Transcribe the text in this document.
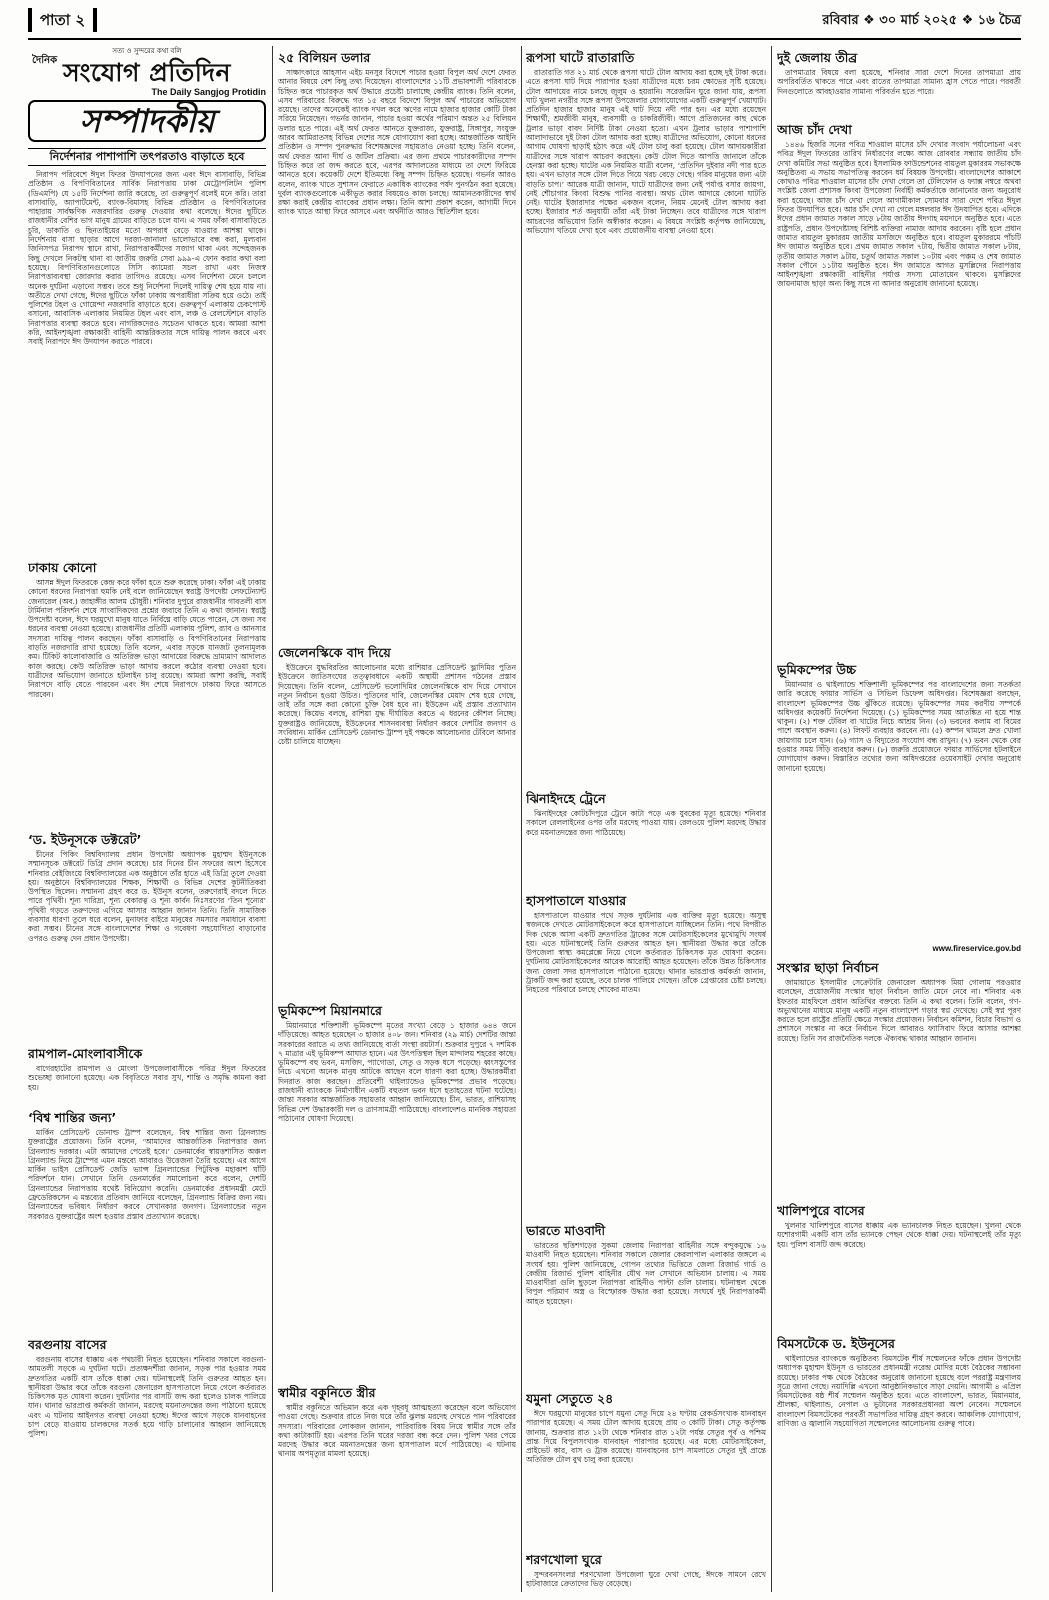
পাতা ২	রবিবার ❖ ৩০ মার্চ ২০২৫ ❖ ১৬ চৈত্র
সত্য ও সুন্দরের কথা বলি
দৈনিক সংযোগ প্রতিদিন
The Daily Sangjog Protidin
সম্পাদকীয়
নির্দেশনার পাশাপাশি তৎপরতাও বাড়াতে হবে
নিরাপদ পরিবেশে ঈদুল ফিতর উদযাপনের জন্য এবং ঈদে বাসাবাড়ি, বিভিন্ন প্রতিষ্ঠান ও বিপণিবিতানের সার্বিক নিরাপত্তায় ঢাকা মেট্রোপলিটন পুলিশ (ডিএমপি) যে ১৫টি নির্দেশনা জারি করেছে, তা গুরুত্বপূর্ণ বলেই মনে করি। তারা বাসাবাড়ি, অ্যাপার্টমেন্ট, ব্যাংক-বিমাসহ বিভিন্ন প্রতিষ্ঠান ও বিপণিবিতানের পাহারায় সার্বক্ষণিক নজরদারির গুরুত্ব দেওয়ার কথা বলেছে। ঈদের ছুটিতে রাজধানীর বেশির ভাগ মানুষ গ্রামের বাড়িতে চলে যান। এ সময় ফাঁকা বাসাবাড়িতে চুরি, ডাকাতি ও ছিনতাইয়ের মতো অপরাধ বেড়ে যাওয়ার আশঙ্কা থাকে। নির্দেশনায় বাসা ছাড়ার আগে দরজা-জানালা ভালোভাবে বন্ধ করা, মূল্যবান জিনিসপত্র নিরাপদ স্থানে রাখা, নিরাপত্তাকর্মীদের সজাগ থাকা এবং সন্দেহজনক কিছু দেখলে নিকটস্থ থানা বা জাতীয় জরুরি সেবা ৯৯৯-এ ফোন করার কথা বলা হয়েছে। বিপণিবিতানগুলোতে সিসি ক্যামেরা সচল রাখা এবং নিজস্ব নিরাপত্তাব্যবস্থা জোরদার করার তাগিদও রয়েছে। এসব নির্দেশনা মেনে চললে অনেক দুর্ঘটনা এড়ানো সম্ভব। তবে শুধু নির্দেশনা দিলেই দায়িত্ব শেষ হয়ে যায় না। অতীতে দেখা গেছে, ঈদের ছুটিতে ফাঁকা ঢাকায় অপরাধীরা সক্রিয় হয়ে ওঠে। তাই পুলিশের টহল ও গোয়েন্দা নজরদারি বাড়াতে হবে। গুরুত্বপূর্ণ এলাকায় চেকপোস্ট বসানো, আবাসিক এলাকায় নিয়মিত টহল এবং বাস, লঞ্চ ও রেলস্টেশনে বাড়তি নিরাপত্তার ব্যবস্থা করতে হবে। নাগরিকদেরও সচেতন থাকতে হবে। আমরা আশা করি, আইনশৃঙ্খলা রক্ষাকারী বাহিনী আন্তরিকতার সঙ্গে দায়িত্ব পালন করবে এবং সবাই নিরাপদে ঈদ উদযাপন করতে পারবে।
ঢাকায় কোনো
আসন্ন ঈদুল ফিতরকে কেন্দ্র করে ফাঁকা হতে শুরু করেছে ঢাকা। ফাঁকা এই ঢাকায় কোনো ধরনের নিরাপত্তা হুমকি নেই বলে জানিয়েছেন স্বরাষ্ট্র উপদেষ্টা লেফটেন্যান্ট জেনারেল (অব.) জাহাঙ্গীর আলম চৌধুরী। শনিবার দুপুরে রাজধানীর গাবতলী বাস টার্মিনাল পরিদর্শন শেষে সাংবাদিকদের প্রশ্নের জবাবে তিনি এ কথা জানান। স্বরাষ্ট্র উপদেষ্টা বলেন, ঈদে ঘরমুখো মানুষ যাতে নির্বিঘ্নে বাড়ি যেতে পারেন, সে জন্য সব ধরনের ব্যবস্থা নেওয়া হয়েছে। রাজধানীর প্রতিটি এলাকায় পুলিশ, র‍্যাব ও আনসার সদস্যরা দায়িত্ব পালন করছেন। ফাঁকা বাসাবাড়ি ও বিপণিবিতানের নিরাপত্তায় বাড়তি নজরদারি রাখা হয়েছে। তিনি বলেন, এবার সড়কে যানজট তুলনামূলক কম। টিকিট কালোবাজারি ও অতিরিক্ত ভাড়া আদায়ের বিরুদ্ধে ভ্রাম্যমাণ আদালত কাজ করছে। কেউ অতিরিক্ত ভাড়া আদায় করলে কঠোর ব্যবস্থা নেওয়া হবে। যাত্রীদের অভিযোগ জানাতে হটলাইন চালু রয়েছে। আমরা আশা করছি, সবাই নিরাপদে বাড়ি যেতে পারবেন এবং ঈদ শেষে নিরাপদে ঢাকায় ফিরে আসতে পারবেন।
‘ড. ইউনূসকে ডক্টরেট’
চীনের পিকিং বিশ্ববিদ্যালয় প্রধান উপদেষ্টা অধ্যাপক মুহাম্মদ ইউনূসকে সম্মানসূচক ডক্টরেট ডিগ্রি প্রদান করেছে। চার দিনের চীন সফরের অংশ হিসেবে শনিবার বেইজিংয়ে বিশ্ববিদ্যালয়ের এক অনুষ্ঠানে তাঁর হাতে এই ডিগ্রি তুলে দেওয়া হয়। অনুষ্ঠানে বিশ্ববিদ্যালয়ের শিক্ষক, শিক্ষার্থী ও বিভিন্ন দেশের কূটনীতিকরা উপস্থিত ছিলেন। সম্মাননা গ্রহণ করে ড. ইউনূস বলেন, তরুণেরাই বদলে দিতে পারে পৃথিবী। শূন্য দারিদ্র্য, শূন্য বেকারত্ব ও শূন্য কার্বন নিঃসরণের ‘তিন শূন্যের’ পৃথিবী গড়তে তরুণদের এগিয়ে আসার আহ্বান জানান তিনি। তিনি সামাজিক ব্যবসার ধারণা তুলে ধরে বলেন, মুনাফার বাইরে মানুষের সমস্যার সমাধানে ব্যবসা করা সম্ভব। চীনের সঙ্গে বাংলাদেশের শিক্ষা ও গবেষণা সহযোগিতা বাড়ানোর ওপরও গুরুত্ব দেন প্রধান উপদেষ্টা।
রামপাল-মোংলাবাসীকে
বাগেরহাটের রামপাল ও মোংলা উপজেলাবাসীকে পবিত্র ঈদুল ফিতরের শুভেচ্ছা জানানো হয়েছে। এক বিবৃতিতে সবার সুখ, শান্তি ও সমৃদ্ধি কামনা করা হয়।
‘বিশ্ব শান্তির জন্য’
মার্কিন প্রেসিডেন্ট ডোনাল্ড ট্রাম্প বলেছেন, বিশ্ব শান্তির জন্য গ্রিনল্যান্ড যুক্তরাষ্ট্রের প্রয়োজন। তিনি বলেন, ‘আমাদের আন্তর্জাতিক নিরাপত্তার জন্য গ্রিনল্যান্ড দরকার। এটা আমাদের পেতেই হবে।’ ডেনমার্কের স্বায়ত্তশাসিত অঞ্চল গ্রিনল্যান্ড নিয়ে ট্রাম্পের এমন মন্তব্যে আবারও উত্তেজনা তৈরি হয়েছে। এর আগে মার্কিন ভাইস প্রেসিডেন্ট জেডি ভ্যান্স গ্রিনল্যান্ডের পিটুফিক মহাকাশ ঘাঁটি পরিদর্শনে যান। সেখানে তিনি ডেনমার্কের সমালোচনা করে বলেন, দেশটি গ্রিনল্যান্ডের নিরাপত্তায় যথেষ্ট বিনিয়োগ করেনি। ডেনমার্কের প্রধানমন্ত্রী মেটে ফ্রেডেরিকসেন এ মন্তব্যের প্রতিবাদ জানিয়ে বলেছেন, গ্রিনল্যান্ড বিক্রির জন্য নয়। গ্রিনল্যান্ডের ভবিষ্যৎ নির্ধারণ করবে সেখানকার জনগণ। গ্রিনল্যান্ডের নতুন সরকারও যুক্তরাষ্ট্রের অংশ হওয়ার প্রস্তাব প্রত্যাখ্যান করেছে।
বরগুনায় বাসের
বরগুনায় বাসের ধাক্কায় এক পথচারী নিহত হয়েছেন। শনিবার সকালে বরগুনা-আমতলী সড়কে এ দুর্ঘটনা ঘটে। প্রত্যক্ষদর্শীরা জানান, সড়ক পার হওয়ার সময় দ্রুতগতির একটি বাস তাঁকে ধাক্কা দেয়। ঘটনাস্থলেই তিনি গুরুতর আহত হন। স্থানীয়রা উদ্ধার করে তাঁকে বরগুনা জেনারেল হাসপাতালে নিয়ে গেলে কর্তব্যরত চিকিৎসক মৃত ঘোষণা করেন। দুর্ঘটনার পর বাসটি জব্দ করা হলেও চালক পালিয়ে যান। থানার ভারপ্রাপ্ত কর্মকর্তা জানান, মরদেহ ময়নাতদন্তের জন্য পাঠানো হয়েছে এবং এ ঘটনায় আইনগত ব্যবস্থা নেওয়া হচ্ছে। ঈদের আগে সড়কে যানবাহনের চাপ বেড়ে যাওয়ায় চালকদের সতর্ক হয়ে গাড়ি চালানোর আহ্বান জানিয়েছে পুলিশ।
২৫ বিলিয়ন ডলার
সাক্ষাৎকারে আহসান এইচ মনসুর বিদেশে পাচার হওয়া বিপুল অর্থ দেশে ফেরত আনার বিষয়ে বেশ কিছু তথ্য দিয়েছেন। বাংলাদেশের ১১টি প্রভাবশালী পরিবারকে চিহ্নিত করে পাচারকৃত অর্থ উদ্ধারে প্রচেষ্টা চালাচ্ছে কেন্দ্রীয় ব্যাংক। তিনি বলেন, এসব পরিবারের বিরুদ্ধে গত ১৫ বছরে বিদেশে বিপুল অর্থ পাচারের অভিযোগ রয়েছে। তাদের অনেকেই ব্যাংক দখল করে ঋণের নামে হাজার হাজার কোটি টাকা সরিয়ে নিয়েছেন। গভর্নর জানান, পাচার হওয়া অর্থের পরিমাণ অন্তত ২৫ বিলিয়ন ডলার হতে পারে। এই অর্থ ফেরত আনতে যুক্তরাজ্য, যুক্তরাষ্ট্র, সিঙ্গাপুর, সংযুক্ত আরব আমিরাতসহ বিভিন্ন দেশের সঙ্গে যোগাযোগ করা হচ্ছে। আন্তর্জাতিক আইনি প্রতিষ্ঠান ও সম্পদ পুনরুদ্ধার বিশেষজ্ঞদের সহায়তাও নেওয়া হচ্ছে। তিনি বলেন, অর্থ ফেরত আনা দীর্ঘ ও জটিল প্রক্রিয়া। এর জন্য প্রথমে পাচারকারীদের সম্পদ চিহ্নিত করে তা জব্দ করতে হবে, এরপর আদালতের মাধ্যমে তা দেশে ফিরিয়ে আনতে হবে। কয়েকটি দেশে ইতিমধ্যে কিছু সম্পদ চিহ্নিত হয়েছে। গভর্নর আরও বলেন, ব্যাংক খাতে সুশাসন ফেরাতে একাধিক ব্যাংকের পর্ষদ পুনর্গঠন করা হয়েছে। দুর্বল ব্যাংকগুলোকে একীভূত করার বিষয়েও কাজ চলছে। আমানতকারীদের স্বার্থ রক্ষা করাই কেন্দ্রীয় ব্যাংকের প্রধান লক্ষ্য। তিনি আশা প্রকাশ করেন, আগামী দিনে ব্যাংক খাতে আস্থা ফিরে আসবে এবং অর্থনীতি আরও স্থিতিশীল হবে।
জেলেনস্কিকে বাদ দিয়ে
ইউক্রেনে যুদ্ধবিরতির আলোচনার মধ্যে রাশিয়ার প্রেসিডেন্ট ভ্লাদিমির পুতিন ইউক্রেনে জাতিসংঘের তত্ত্বাবধানে একটি অস্থায়ী প্রশাসন গঠনের প্রস্তাব দিয়েছেন। তিনি বলেন, প্রেসিডেন্ট ভলোদিমির জেলেনস্কিকে বাদ দিয়ে সেখানে নতুন নির্বাচন হওয়া উচিত। পুতিনের দাবি, জেলেনস্কির মেয়াদ শেষ হয়ে গেছে, তাই তাঁর সঙ্গে করা কোনো চুক্তি বৈধ হবে না। ইউক্রেন এই প্রস্তাব প্রত্যাখ্যান করেছে। কিয়েভ বলছে, রাশিয়া যুদ্ধ দীর্ঘায়িত করতে এ ধরনের কৌশল নিচ্ছে। যুক্তরাষ্ট্রও জানিয়েছে, ইউক্রেনের শাসনব্যবস্থা নির্ধারণ করবে দেশটির জনগণ ও সংবিধান। মার্কিন প্রেসিডেন্ট ডোনাল্ড ট্রাম্প দুই পক্ষকে আলোচনার টেবিলে আনার চেষ্টা চালিয়ে যাচ্ছেন।
ভূমিকম্পে মিয়ানমারে
মিয়ানমারে শক্তিশালী ভূমিকম্পে মৃতের সংখ্যা বেড়ে ১ হাজার ৬৪৪ জনে দাঁড়িয়েছে। আহত হয়েছেন ৩ হাজার ৪০৮ জন। শনিবার (২৯ মার্চ) দেশটির জান্তা সরকারের বরাতে এ তথ্য জানিয়েছে বার্তা সংস্থা রয়টার্স। শুক্রবার দুপুরে ৭ দশমিক ৭ মাত্রার এই ভূমিকম্প আঘাত হানে। এর উৎপত্তিস্থল ছিল মান্দালয় শহরের কাছে। ভূমিকম্পে বহু ভবন, মসজিদ, প্যাগোডা, সেতু ও সড়ক ধসে পড়েছে। ধ্বংসস্তূপের নিচে এখনো অনেক মানুষ আটকে আছেন বলে ধারণা করা হচ্ছে। উদ্ধারকর্মীরা দিনরাত কাজ করছেন। প্রতিবেশী থাইল্যান্ডেও ভূমিকম্পের প্রভাব পড়েছে। রাজধানী ব্যাংককে নির্মাণাধীন একটি বহুতল ভবন ধসে হতাহতের ঘটনা ঘটেছে। জান্তা সরকার আন্তর্জাতিক সহায়তার আহ্বান জানিয়েছে। চীন, ভারত, রাশিয়াসহ বিভিন্ন দেশ উদ্ধারকারী দল ও ত্রাণসামগ্রী পাঠিয়েছে। বাংলাদেশও মানবিক সহায়তা পাঠানোর ঘোষণা দিয়েছে।
স্বামীর বকুনিতে স্ত্রীর
স্বামীর বকুনিতে অভিমান করে এক গৃহবধূ আত্মহত্যা করেছেন বলে অভিযোগ পাওয়া গেছে। শুক্রবার রাতে নিজ ঘরে তাঁর ঝুলন্ত মরদেহ দেখতে পান পরিবারের সদস্যরা। পরিবারের লোকজন জানান, পারিবারিক বিষয় নিয়ে স্বামীর সঙ্গে তাঁর কথা কাটাকাটি হয়। এরপর তিনি ঘরের দরজা বন্ধ করে দেন। পুলিশ খবর পেয়ে মরদেহ উদ্ধার করে ময়নাতদন্তের জন্য হাসপাতাল মর্গে পাঠিয়েছে। এ ঘটনায় থানায় অপমৃত্যুর মামলা হয়েছে।
রূপসা ঘাটে রাতারাতি
রাতারাতি গত ২১ মার্চ থেকে রূপসা ঘাটে টোল আদায় করা হচ্ছে দুই টাকা করে। এতে রূপসা ঘাট দিয়ে পারাপার হওয়া যাত্রীদের মধ্যে চরম ক্ষোভের সৃষ্টি হয়েছে। টোল আদায়ের নামে চলছে জুলুম ও হয়রানি। সরেজমিন ঘুরে জানা যায়, রূপসা ঘাট খুলনা নগরীর সঙ্গে রূপসা উপজেলার যোগাযোগের একটি গুরুত্বপূর্ণ খেয়াঘাট। প্রতিদিন হাজার হাজার মানুষ এই ঘাট দিয়ে নদী পার হন। এর মধ্যে রয়েছেন শিক্ষার্থী, শ্রমজীবী মানুষ, ব্যবসায়ী ও চাকরিজীবী। আগে প্রতিজনের কাছ থেকে ট্রলার ভাড়া বাবদ নির্দিষ্ট টাকা নেওয়া হতো। এখন ট্রলার ভাড়ার পাশাপাশি আলাদাভাবে দুই টাকা টোল আদায় করা হচ্ছে। যাত্রীদের অভিযোগ, কোনো ধরনের আগাম ঘোষণা ছাড়াই হঠাৎ করে এই টোল চালু করা হয়েছে। টোল আদায়কারীরা যাত্রীদের সঙ্গে খারাপ আচরণ করছেন। কেউ টোল দিতে আপত্তি জানালে তাঁকে হেনস্তা করা হচ্ছে। ঘাটের এক নিয়মিত যাত্রী বলেন, ‘প্রতিদিন দুইবার নদী পার হতে হয়। এখন ভাড়ার সঙ্গে টোল দিতে গিয়ে খরচ বেড়ে গেছে। গরিব মানুষের জন্য এটা বাড়তি চাপ।’ আরেক যাত্রী জানান, ঘাটে যাত্রীদের জন্য নেই পর্যাপ্ত বসার জায়গা, নেই শৌচাগার কিংবা বিশুদ্ধ পানির ব্যবস্থা। অথচ টোল আদায়ে কোনো ঘাটতি নেই। ঘাটের ইজারাদার পক্ষের একজন বলেন, নিয়ম মেনেই টোল আদায় করা হচ্ছে। ইজারার শর্ত অনুযায়ী তাঁরা এই টাকা নিচ্ছেন। তবে যাত্রীদের সঙ্গে খারাপ আচরণের অভিযোগ তিনি অস্বীকার করেন। এ বিষয়ে সংশ্লিষ্ট কর্তৃপক্ষ জানিয়েছে, অভিযোগ খতিয়ে দেখা হবে এবং প্রয়োজনীয় ব্যবস্থা নেওয়া হবে।
ঝিনাইদহে ট্রেনে
ঝিনাইদহের কোটচাঁদপুরে ট্রেনে কাটা পড়ে এক যুবকের মৃত্যু হয়েছে। শনিবার সকালে রেললাইনের ওপর তাঁর মরদেহ পাওয়া যায়। রেলওয়ে পুলিশ মরদেহ উদ্ধার করে ময়নাতদন্তের জন্য পাঠিয়েছে।
হাসপাতালে যাওয়ার
হাসপাতালে যাওয়ার পথে সড়ক দুর্ঘটনায় এক ব্যক্তির মৃত্যু হয়েছে। অসুস্থ স্বজনকে দেখতে মোটরসাইকেলে করে হাসপাতালে যাচ্ছিলেন তিনি। পথে বিপরীত দিক থেকে আসা একটি দ্রুতগতির ট্রাকের সঙ্গে মোটরসাইকেলের মুখোমুখি সংঘর্ষ হয়। এতে ঘটনাস্থলেই তিনি গুরুতর আহত হন। স্থানীয়রা উদ্ধার করে তাঁকে উপজেলা স্বাস্থ্য কমপ্লেক্সে নিয়ে গেলে কর্তব্যরত চিকিৎসক মৃত ঘোষণা করেন। দুর্ঘটনায় মোটরসাইকেলের আরেক আরোহী আহত হয়েছেন। তাঁকে উন্নত চিকিৎসার জন্য জেলা সদর হাসপাতালে পাঠানো হয়েছে। থানার ভারপ্রাপ্ত কর্মকর্তা জানান, ট্রাকটি জব্দ করা হয়েছে, তবে চালক পালিয়ে গেছেন। তাঁকে গ্রেপ্তারের চেষ্টা চলছে। নিহতের পরিবারে চলছে শোকের মাতম।
ভারতে মাওবাদী
ভারতের ছত্তিশগড়ের সুকমা জেলায় নিরাপত্তা বাহিনীর সঙ্গে বন্দুকযুদ্ধে ১৬ মাওবাদী নিহত হয়েছেন। শনিবার সকালে জেলার কেরলাপাল এলাকার জঙ্গলে এ সংঘর্ষ হয়। পুলিশ জানিয়েছে, গোপন তথ্যের ভিত্তিতে জেলা রিজার্ভ গার্ড ও কেন্দ্রীয় রিজার্ভ পুলিশ বাহিনীর যৌথ দল সেখানে অভিযান চালায়। এ সময় মাওবাদীরা গুলি ছুড়লে নিরাপত্তা বাহিনীও পাল্টা গুলি চালায়। ঘটনাস্থল থেকে বিপুল পরিমাণ অস্ত্র ও বিস্ফোরক উদ্ধার করা হয়েছে। সংঘর্ষে দুই নিরাপত্তাকর্মী আহত হয়েছেন।
যমুনা সেতুতে ২৪
ঈদে ঘরমুখো মানুষের চাপে যমুনা সেতু দিয়ে ২৪ ঘণ্টায় রেকর্ডসংখ্যক যানবাহন পারাপার হয়েছে। এ সময় টোল আদায় হয়েছে প্রায় ৩ কোটি টাকা। সেতু কর্তৃপক্ষ জানায়, শুক্রবার রাত ১২টা থেকে শনিবার রাত ১২টা পর্যন্ত সেতুর পূর্ব ও পশ্চিম প্রান্ত দিয়ে বিপুলসংখ্যক যানবাহন পারাপার হয়েছে। এর মধ্যে মোটরসাইকেল, প্রাইভেট কার, বাস ও ট্রাক রয়েছে। যানবাহনের চাপ সামলাতে সেতুর দুই প্রান্তে অতিরিক্ত টোল বুথ চালু করা হয়েছে।
শরণখোলা ঘুরে
সুন্দরবনসংলগ্ন শরণখোলা উপজেলা ঘুরে দেখা গেছে, ঈদকে সামনে রেখে হাটবাজারে ক্রেতাদের ভিড় বেড়েছে।
দুই জেলায় তীব্র
তাপমাত্রার বিষয়ে বলা হয়েছে, শনিবার সারা দেশে দিনের তাপমাত্রা প্রায় অপরিবর্তিত থাকতে পারে এবং রাতের তাপমাত্রা সামান্য হ্রাস পেতে পারে। পরবর্তী দিনগুলোতে আবহাওয়ার সামান্য পরিবর্তন হতে পারে।
আজ চাঁদ দেখা
১৪৪৬ হিজরি সনের পবিত্র শাওয়াল মাসের চাঁদ দেখার সংবাদ পর্যালোচনা এবং পবিত্র ঈদুল ফিতরের তারিখ নির্ধারণের লক্ষ্যে আজ রোববার সন্ধ্যায় জাতীয় চাঁদ দেখা কমিটির সভা অনুষ্ঠিত হবে। ইসলামিক ফাউন্ডেশনের বায়তুল মুকাররম সভাকক্ষে অনুষ্ঠিতব্য এ সভায় সভাপতিত্ব করবেন ধর্ম বিষয়ক উপদেষ্টা। বাংলাদেশের আকাশে কোথাও পবিত্র শাওয়াল মাসের চাঁদ দেখা গেলে তা টেলিফোন ও ফ্যাক্স নম্বরে অথবা সংশ্লিষ্ট জেলা প্রশাসক কিংবা উপজেলা নির্বাহী কর্মকর্তাকে জানানোর জন্য অনুরোধ করা হয়েছে। আজ চাঁদ দেখা গেলে আগামীকাল সোমবার সারা দেশে পবিত্র ঈদুল ফিতর উদযাপিত হবে। আর চাঁদ দেখা না গেলে মঙ্গলবার ঈদ উদযাপিত হবে। এদিকে ঈদের প্রধান জামাত সকাল সাড়ে ৮টায় জাতীয় ঈদগাহ ময়দানে অনুষ্ঠিত হবে। এতে রাষ্ট্রপতি, প্রধান উপদেষ্টাসহ বিশিষ্ট ব্যক্তিরা নামাজ আদায় করবেন। বৃষ্টি হলে প্রধান জামাত বায়তুল মুকাররম জাতীয় মসজিদে অনুষ্ঠিত হবে। বায়তুল মুকাররমে পাঁচটি ঈদ জামাত অনুষ্ঠিত হবে। প্রথম জামাত সকাল ৭টায়, দ্বিতীয় জামাত সকাল ৮টায়, তৃতীয় জামাত সকাল ৯টায়, চতুর্থ জামাত সকাল ১০টায় এবং পঞ্চম ও শেষ জামাত সকাল পৌনে ১১টায় অনুষ্ঠিত হবে। ঈদ জামাতে আগত মুসল্লিদের নিরাপত্তায় আইনশৃঙ্খলা রক্ষাকারী বাহিনীর পর্যাপ্ত সদস্য মোতায়েন থাকবে। মুসল্লিদের জায়নামাজ ছাড়া অন্য কিছু সঙ্গে না আনার অনুরোধ জানানো হয়েছে।
ভূমিকম্পের উচ্চ
মিয়ানমার ও থাইল্যান্ডে শক্তিশালী ভূমিকম্পের পর বাংলাদেশের জন্য সতর্কতা জারি করেছে ফায়ার সার্ভিস ও সিভিল ডিফেন্স অধিদপ্তর। বিশেষজ্ঞরা বলছেন, বাংলাদেশ ভূমিকম্পের উচ্চ ঝুঁকিতে রয়েছে। ভূমিকম্পের সময় করণীয় সম্পর্কে অধিদপ্তর কয়েকটি নির্দেশনা দিয়েছে। (১) ভূমিকম্পের সময় আতঙ্কিত না হয়ে শান্ত থাকুন। (২) শক্ত টেবিল বা খাটের নিচে আশ্রয় নিন। (৩) ভবনের কলাম বা বিমের পাশে অবস্থান করুন। (৪) লিফট ব্যবহার করবেন না। (৫) কম্পন থামলে দ্রুত খোলা জায়গায় চলে যান। (৬) গ্যাস ও বিদ্যুতের সংযোগ বন্ধ রাখুন। (৭) ভবন থেকে বের হওয়ার সময় সিঁড়ি ব্যবহার করুন। (৮) জরুরি প্রয়োজনে ফায়ার সার্ভিসের হটলাইনে যোগাযোগ করুন। বিস্তারিত তথ্যের জন্য অধিদপ্তরের ওয়েবসাইট দেখার অনুরোধ জানানো হয়েছে।
www.fireservice.gov.bd
সংস্কার ছাড়া নির্বাচন
জামায়াতে ইসলামীর সেক্রেটারি জেনারেল অধ্যাপক মিয়া গোলাম পরওয়ার বলেছেন, প্রয়োজনীয় সংস্কার ছাড়া নির্বাচন জাতি মেনে নেবে না। শনিবার এক ইফতার মাহফিলে প্রধান অতিথির বক্তব্যে তিনি এ কথা বলেন। তিনি বলেন, গণ-অভ্যুত্থানের মাধ্যমে মানুষ একটি নতুন বাংলাদেশ গড়ার স্বপ্ন দেখেছে। সেই স্বপ্ন পূরণ করতে হলে রাষ্ট্রের প্রতিটি ক্ষেত্রে সংস্কার প্রয়োজন। নির্বাচন কমিশন, বিচার বিভাগ ও প্রশাসনে সংস্কার না করে নির্বাচন দিলে আবারও ফ্যাসিবাদ ফিরে আসার আশঙ্কা রয়েছে। তিনি সব রাজনৈতিক দলকে ঐক্যবদ্ধ থাকার আহ্বান জানান।
খালিশপুরে বাসের
খুলনার খালিশপুরে বাসের ধাক্কায় এক ভ্যানচালক নিহত হয়েছেন। খুলনা থেকে যশোরগামী একটি বাস তাঁর ভ্যানকে পেছন থেকে ধাক্কা দেয়। ঘটনাস্থলেই তাঁর মৃত্যু হয়। পুলিশ বাসটি জব্দ করেছে।
বিমসটেকে ড. ইউনূসের
থাইল্যান্ডের ব্যাংককে অনুষ্ঠিতব্য বিমসটেক শীর্ষ সম্মেলনের ফাঁকে প্রধান উপদেষ্টা অধ্যাপক মুহাম্মদ ইউনূস ও ভারতের প্রধানমন্ত্রী নরেন্দ্র মোদির মধ্যে বৈঠকের সম্ভাবনা রয়েছে। ঢাকার পক্ষ থেকে বৈঠকের অনুরোধ জানানো হয়েছে বলে পররাষ্ট্র মন্ত্রণালয় সূত্রে জানা গেছে। নয়াদিল্লি এখনো আনুষ্ঠানিকভাবে সাড়া দেয়নি। আগামী ৪ এপ্রিল বিমসটেকের ষষ্ঠ শীর্ষ সম্মেলন অনুষ্ঠিত হবে। এতে বাংলাদেশ, ভারত, মিয়ানমার, শ্রীলঙ্কা, থাইল্যান্ড, নেপাল ও ভুটানের সরকারপ্রধানরা অংশ নেবেন। সম্মেলনে বাংলাদেশ বিমসটেকের পরবর্তী সভাপতির দায়িত্ব গ্রহণ করবে। আঞ্চলিক যোগাযোগ, বাণিজ্য ও জ্বালানি সহযোগিতা সম্মেলনের আলোচনায় গুরুত্ব পাবে।
